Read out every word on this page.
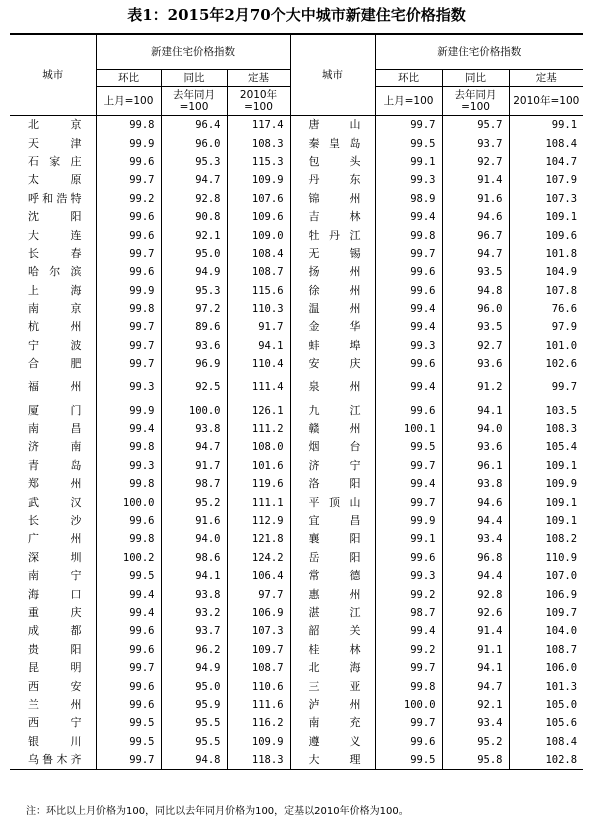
表1：2015年2月70个大中城市新建住宅价格指数
城市	新建住宅价格指数			城市	新建住宅价格指数		
	环比	同比	定基		环比	同比	定基
	上月=100	去年同月=100	2010年=100		上月=100	去年同月=100	2010年=100
北　京	99.8	96.4	117.4	唐　山	99.7	95.7	99.1
天　津	99.9	96.0	108.3	秦皇岛	99.5	93.7	108.4
石家庄	99.6	95.3	115.3	包　头	99.1	92.7	104.7
太　原	99.7	94.7	109.9	丹　东	99.3	91.4	107.9
呼和浩特	99.2	92.8	107.6	锦　州	98.9	91.6	107.3
沈　阳	99.6	90.8	109.6	吉　林	99.4	94.6	109.1
大　连	99.6	92.1	109.0	牡丹江	99.8	96.7	109.6
长　春	99.7	95.0	108.4	无　锡	99.7	94.7	101.8
哈尔滨	99.6	94.9	108.7	扬　州	99.6	93.5	104.9
上　海	99.9	95.3	115.6	徐　州	99.6	94.8	107.8
南　京	99.8	97.2	110.3	温　州	99.4	96.0	76.6
杭　州	99.7	89.6	91.7	金　华	99.4	93.5	97.9
宁　波	99.7	93.6	94.1	蚌　埠	99.3	92.7	101.0
合　肥	99.7	96.9	110.4	安　庆	99.6	93.6	102.6
福　州	99.3	92.5	111.4	泉　州	99.4	91.2	99.7
厦　门	99.9	100.0	126.1	九　江	99.6	94.1	103.5
南　昌	99.4	93.8	111.2	赣　州	100.1	94.0	108.3
济　南	99.8	94.7	108.0	烟　台	99.5	93.6	105.4
青　岛	99.3	91.7	101.6	济　宁	99.7	96.1	109.1
郑　州	99.8	98.7	119.6	洛　阳	99.4	93.8	109.9
武　汉	100.0	95.2	111.1	平顶山	99.7	94.6	109.1
长　沙	99.6	91.6	112.9	宜　昌	99.9	94.4	109.1
广　州	99.8	94.0	121.8	襄　阳	99.1	93.4	108.2
深　圳	100.2	98.6	124.2	岳　阳	99.6	96.8	110.9
南　宁	99.5	94.1	106.4	常　德	99.3	94.4	107.0
海　口	99.4	93.8	97.7	惠　州	99.2	92.8	106.9
重　庆	99.4	93.2	106.9	湛　江	98.7	92.6	109.7
成　都	99.6	93.7	107.3	韶　关	99.4	91.4	104.0
贵　阳	99.6	96.2	109.7	桂　林	99.2	91.1	108.7
昆　明	99.7	94.9	108.7	北　海	99.7	94.1	106.0
西　安	99.6	95.0	110.6	三　亚	99.8	94.7	101.3
兰　州	99.6	95.9	111.6	泸　州	100.0	92.1	105.0
西　宁	99.5	95.5	116.2	南　充	99.7	93.4	105.6
银　川	99.5	95.5	109.9	遵　义	99.6	95.2	108.4
乌鲁木齐	99.7	94.8	118.3	大　理	99.5	95.8	102.8
注：环比以上月价格为100，同比以去年同月价格为100，定基以2010年价格为100。
